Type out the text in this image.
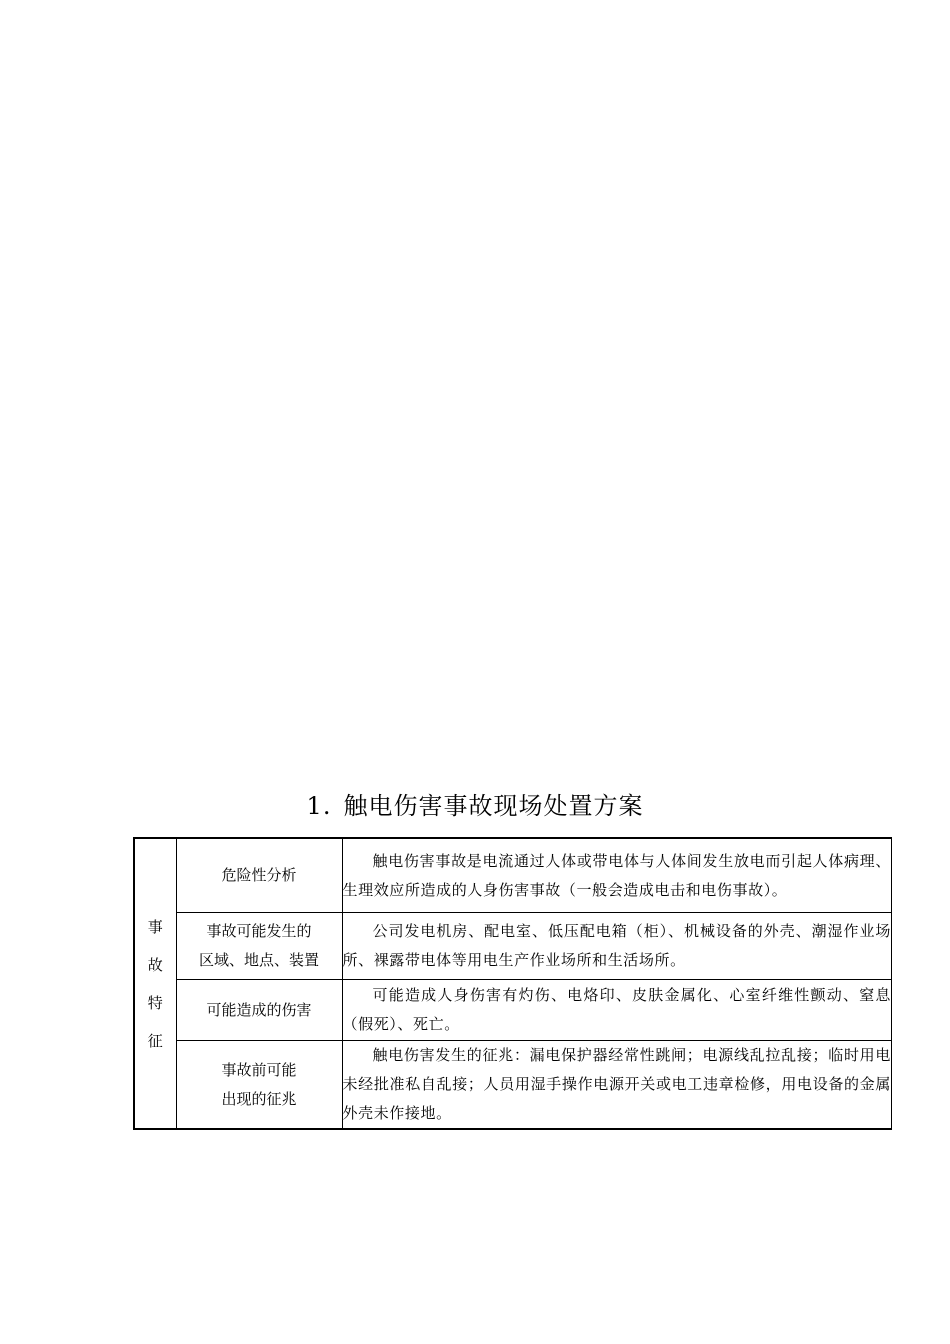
1. 触电伤害事故现场处置方案
事
故
特
征	危险性分析	触电伤害事故是电流通过人体或带电体与人体间发生放电而引起人体病理、生理效应所造成的人身伤害事故（一般会造成电击和电伤事故）。

	事故可能发生的
区域、地点、装置	公司发电机房、配电室、低压配电箱（柜）、机械设备的外壳、潮湿作业场所、裸露带电体等用电生产作业场所和生活场所。

	可能造成的伤害	可能造成人身伤害有灼伤、电烙印、皮肤金属化、心室纤维性颤动、窒息（假死）、死亡。

	事故前可能
出现的征兆	触电伤害发生的征兆：漏电保护器经常性跳闸；电源线乱拉乱接；临时用电未经批准私自乱接；人员用湿手操作电源开关或电工违章检修，用电设备的金属外壳未作接地。
